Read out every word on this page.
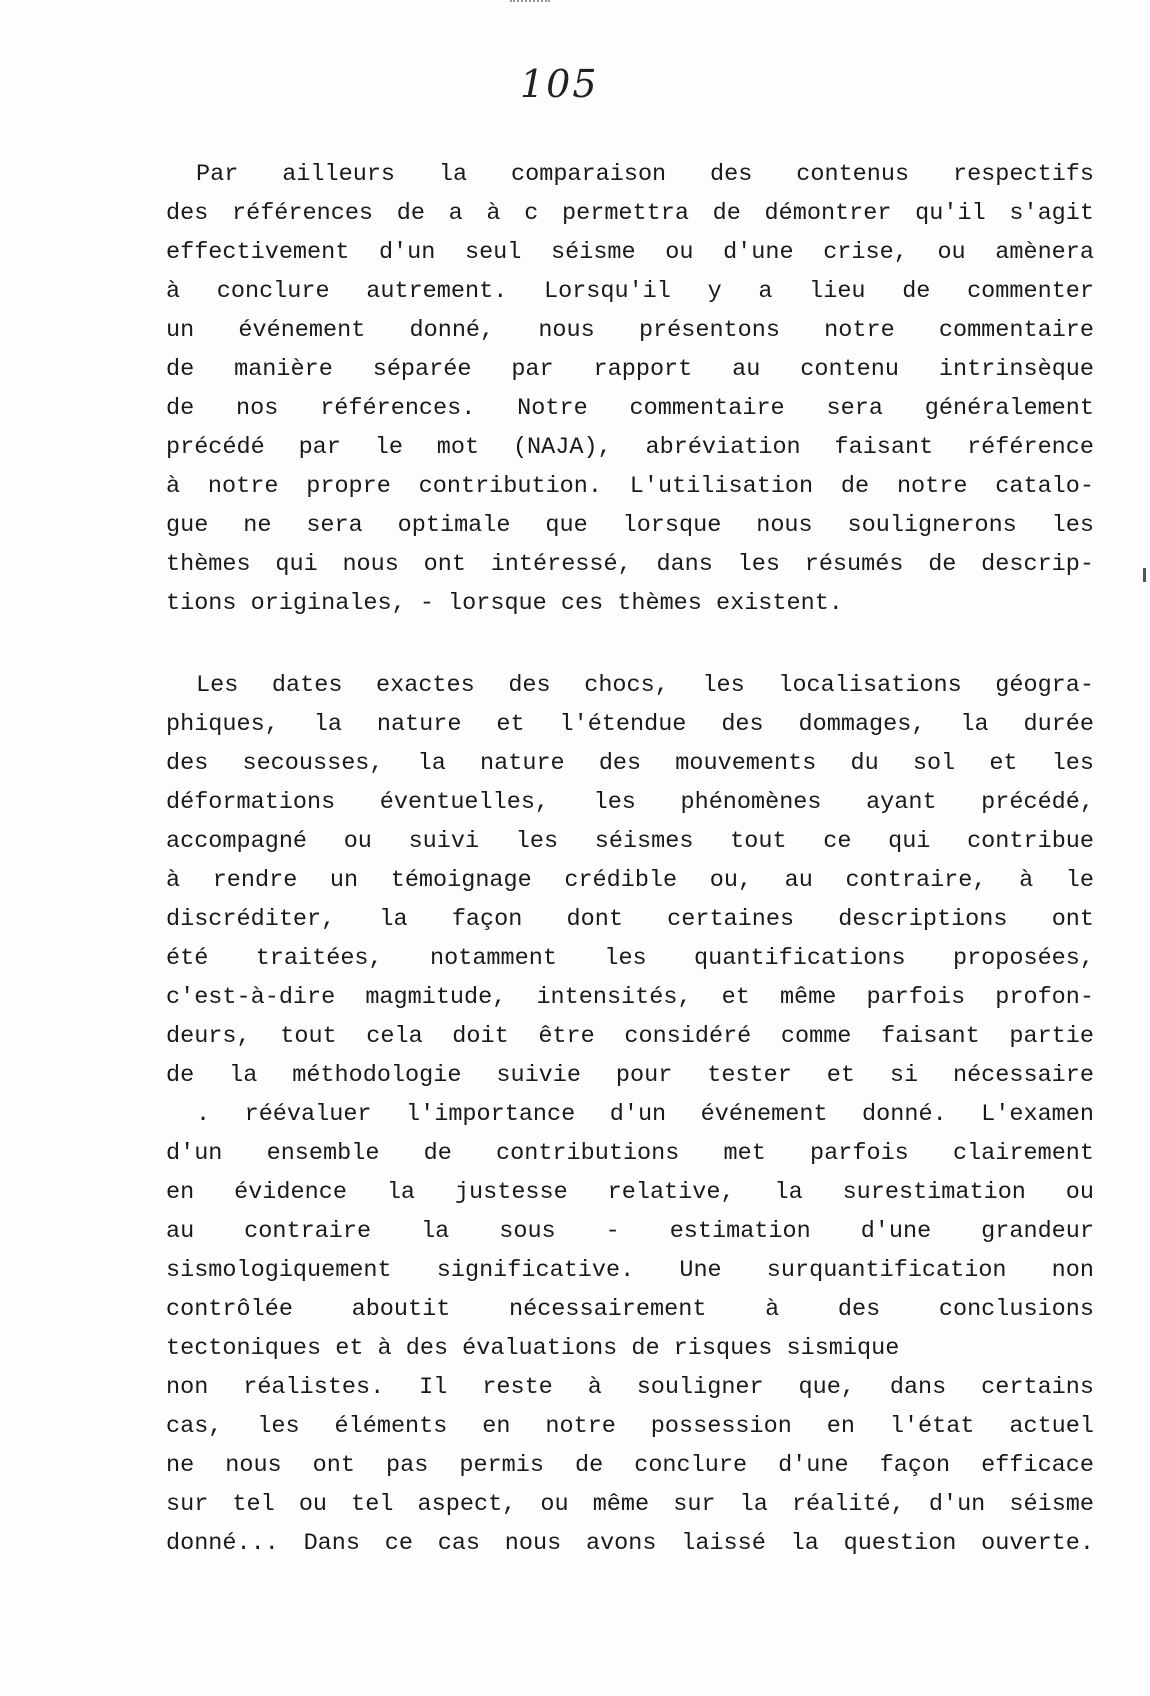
105
Par ailleurs la comparaison des contenus respectifs
des références de a à c permettra de démontrer qu'il s'agit
effectivement d'un seul séisme ou d'une crise, ou amènera
à conclure autrement. Lorsqu'il y a lieu de commenter
un événement donné, nous présentons notre commentaire
de manière séparée par rapport au contenu intrinsèque
de nos références. Notre commentaire sera généralement
précédé par le mot (NAJA), abréviation faisant référence
à notre propre contribution. L'utilisation de notre catalo-
gue ne sera optimale que lorsque nous soulignerons les
thèmes qui nous ont intéressé, dans les résumés de descrip-
tions originales, - lorsque ces thèmes existent.
Les dates exactes des chocs, les localisations géogra-
phiques, la nature et l'étendue des dommages, la durée
des secousses, la nature des mouvements du sol et les
déformations éventuelles, les phénomènes ayant précédé,
accompagné ou suivi les séismes tout ce qui contribue
à rendre un témoignage crédible ou, au contraire, à le
discréditer, la façon dont certaines descriptions ont
été traitées, notamment les quantifications proposées,
c'est-à-dire magmitude, intensités, et même parfois profon-
deurs, tout cela doit être considéré comme faisant partie
de la méthodologie suivie pour tester et si nécessaire
. réévaluer l'importance d'un événement donné. L'examen
d'un ensemble de contributions met parfois clairement
en évidence la justesse relative, la surestimation ou
au contraire la sous - estimation d'une grandeur
sismologiquement significative. Une surquantification non
contrôlée aboutit nécessairement à des conclusions
tectoniques et à des évaluations de risques sismique
non réalistes. Il reste à souligner que, dans certains
cas, les éléments en notre possession en l'état actuel
ne nous ont pas permis de conclure d'une façon efficace
sur tel ou tel aspect, ou même sur la réalité, d'un séisme
donné... Dans ce cas nous avons laissé la question ouverte.
